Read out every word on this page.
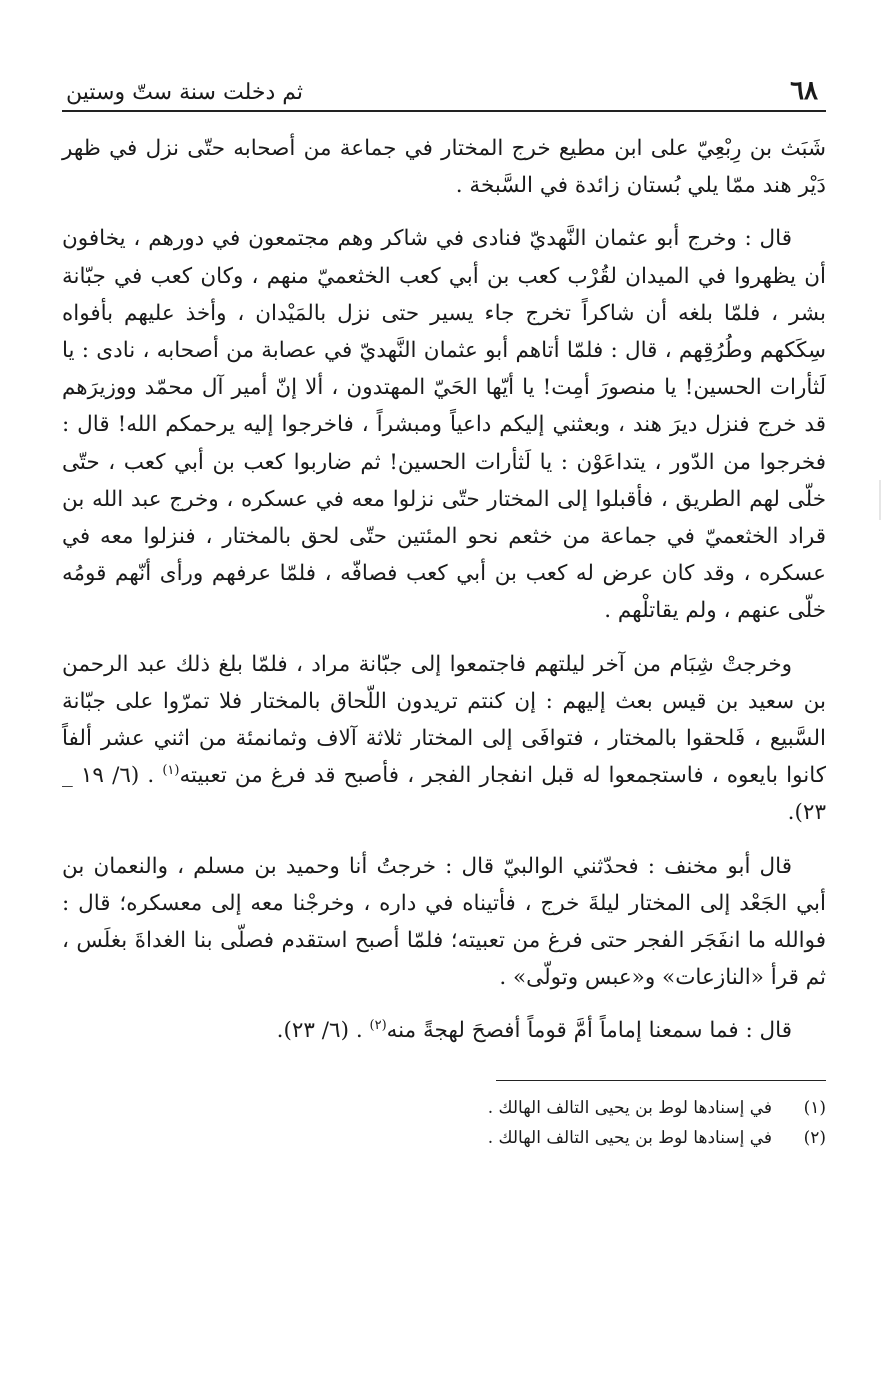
٦٨
ثم دخلت سنة ستّ وستين

شَبَث بن رِبْعِيّ على ابن مطيع خرج المختار في جماعة من أصحابه حتّى نزل في ظهر دَيْر هند ممّا يلي بُستان زائدة في السَّبخة .

قال : وخرج أبو عثمان النَّهديّ فنادى في شاكر وهم مجتمعون في دورهم ، يخافون أن يظهروا في الميدان لقُرْب كعب بن أبي كعب الخثعميّ منهم ، وكان كعب في جبّانة بشر ، فلمّا بلغه أن شاكراً تخرج جاء يسير حتى نزل بالمَيْدان ، وأخذ عليهم بأفواه سِكَكهم وطُرُقِهم ، قال : فلمّا أتاهم أبو عثمان النَّهديّ في عصابة من أصحابه ، نادى : يا لَثأرات الحسين! يا منصورَ أمِت! يا أيّها الحَيّ المهتدون ، ألا إنّ أمير آل محمّد ووزيرَهم قد خرج فنزل ديرَ هند ، وبعثني إليكم داعياً ومبشراً ، فاخرجوا إليه يرحمكم الله! قال : فخرجوا من الدّور ، يتداعَوْن : يا لَثأرات الحسين! ثم ضاربوا كعب بن أبي كعب ، حتّى خلّى لهم الطريق ، فأقبلوا إلى المختار حتّى نزلوا معه في عسكره ، وخرج عبد الله بن قراد الخثعميّ في جماعة من خثعم نحو المئتين حتّى لحق بالمختار ، فنزلوا معه في عسكره ، وقد كان عرض له كعب بن أبي كعب فصافّه ، فلمّا عرفهم ورأى أنّهم قومُه خلّى عنهم ، ولم يقاتلْهم .

وخرجتْ شِبَام من آخر ليلتهم فاجتمعوا إلى جبّانة مراد ، فلمّا بلغ ذلك عبد الرحمن بن سعيد بن قيس بعث إليهم : إن كنتم تريدون اللّحاق بالمختار فلا تمرّوا على جبّانة السَّبيع ، فَلحقوا بالمختار ، فتوافَى إلى المختار ثلاثة آلاف وثمانمئة من اثني عشر ألفاً كانوا بايعوه ، فاستجمعوا له قبل انفجار الفجر ، فأصبح قد فرغ من تعبيته$^{(١)}$ . (٦/ ١٩ _ ٢٣).

قال أبو مخنف : فحدّثني الوالبيّ قال : خرجتُ أنا وحميد بن مسلم ، والنعمان بن أبي الجَعْد إلى المختار ليلةَ خرج ، فأتيناه في داره ، وخرجْنا معه إلى معسكره؛ قال : فوالله ما انفَجَر الفجر حتى فرغ من تعبيته؛ فلمّا أصبح استقدم فصلّى بنا الغداةَ بغلَس ، ثم قرأ «النازعات» و«عبس وتولّى» .

قال : فما سمعنا إماماً أمَّ قوماً أفصحَ لهجةً منه$^{(٢)}$ . (٦/ ٢٣).

(١)
في إسنادها لوط بن يحيى التالف الهالك .
(٢)
في إسنادها لوط بن يحيى التالف الهالك .
